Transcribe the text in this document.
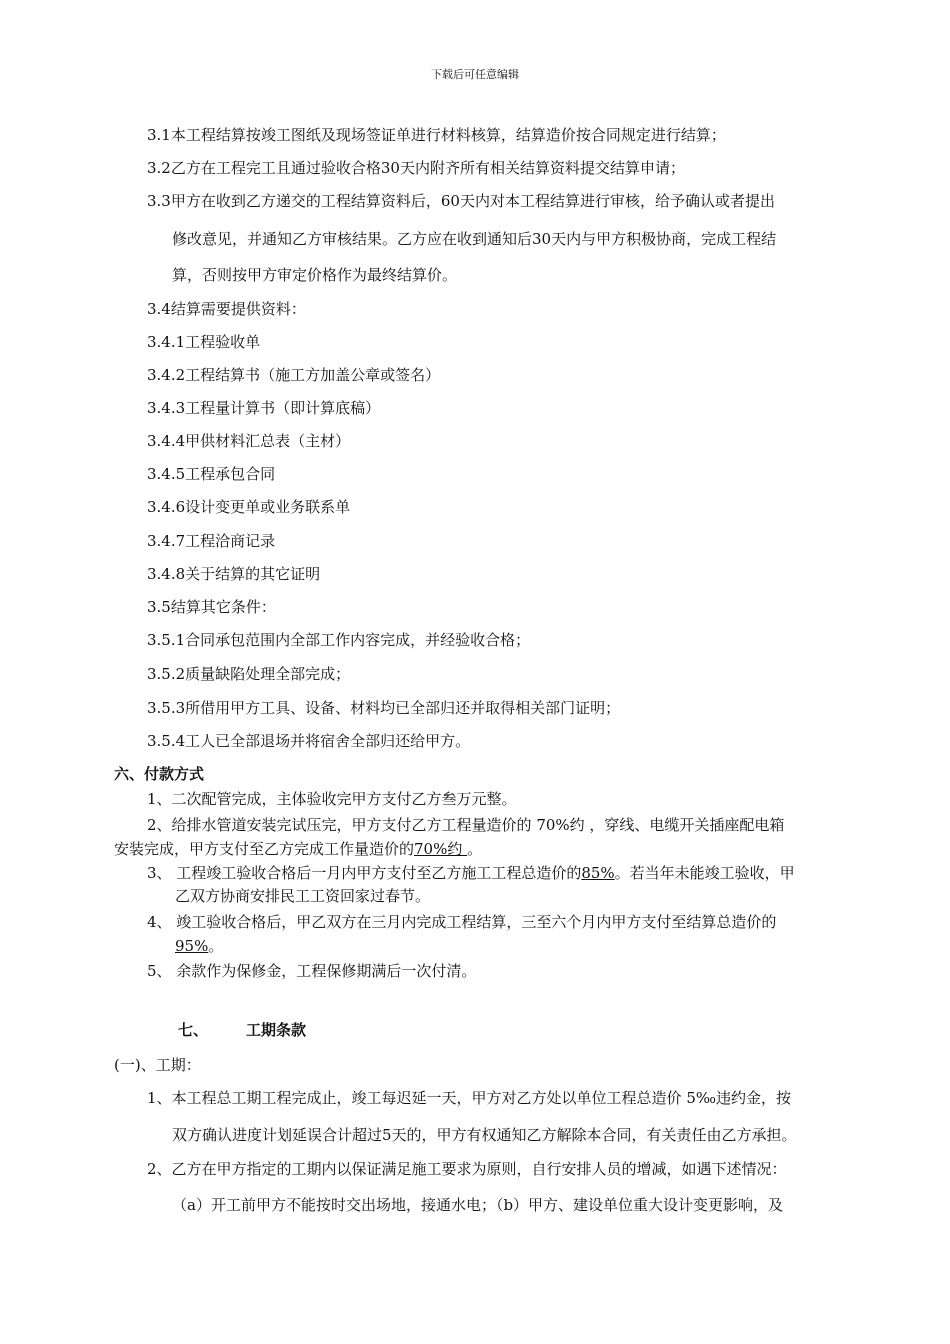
下载后可任意编辑
3.1本工程结算按竣工图纸及现场签证单进行材料核算，结算造价按合同规定进行结算；
3.2乙方在工程完工且通过验收合格30天内附齐所有相关结算资料提交结算申请；
3.3甲方在收到乙方递交的工程结算资料后，60天内对本工程结算进行审核，给予确认或者提出
修改意见，并通知乙方审核结果。乙方应在收到通知后30天内与甲方积极协商，完成工程结
算，否则按甲方审定价格作为最终结算价。
3.4结算需要提供资料：
3.4.1工程验收单
3.4.2工程结算书（施工方加盖公章或签名）
3.4.3工程量计算书（即计算底稿）
3.4.4甲供材料汇总表（主材）
3.4.5工程承包合同
3.4.6设计变更单或业务联系单
3.4.7工程洽商记录
3.4.8关于结算的其它证明
3.5结算其它条件：
3.5.1合同承包范围内全部工作内容完成，并经验收合格；
3.5.2质量缺陷处理全部完成；
3.5.3所借用甲方工具、设备、材料均已全部归还并取得相关部门证明；
3.5.4工人已全部退场并将宿舍全部归还给甲方。
六、付款方式
1、二次配管完成，主体验收完甲方支付乙方叁万元整。
2、给排水管道安装完试压完，甲方支付乙方工程量造价的 70%约 ，穿线、电缆开关插座配电箱
安装完成，甲方支付至乙方完成工作量造价的70%约 。
3、 工程竣工验收合格后一月内甲方支付至乙方施工工程总造价的85%。若当年未能竣工验收，甲
乙双方协商安排民工工资回家过春节。
4、 竣工验收合格后，甲乙双方在三月内完成工程结算，三至六个月内甲方支付至结算总造价的
95%。
5、 余款作为保修金，工程保修期满后一次付清。
七、	工期条款
(一)、工期：
1、本工程总工期工程完成止，竣工每迟延一天，甲方对乙方处以单位工程总造价 5‰违约金，按
双方确认进度计划延误合计超过5天的，甲方有权通知乙方解除本合同，有关责任由乙方承担。
2、乙方在甲方指定的工期内以保证满足施工要求为原则，自行安排人员的增减，如遇下述情况：
（a）开工前甲方不能按时交出场地，接通水电；（b）甲方、建设单位重大设计变更影响，及
